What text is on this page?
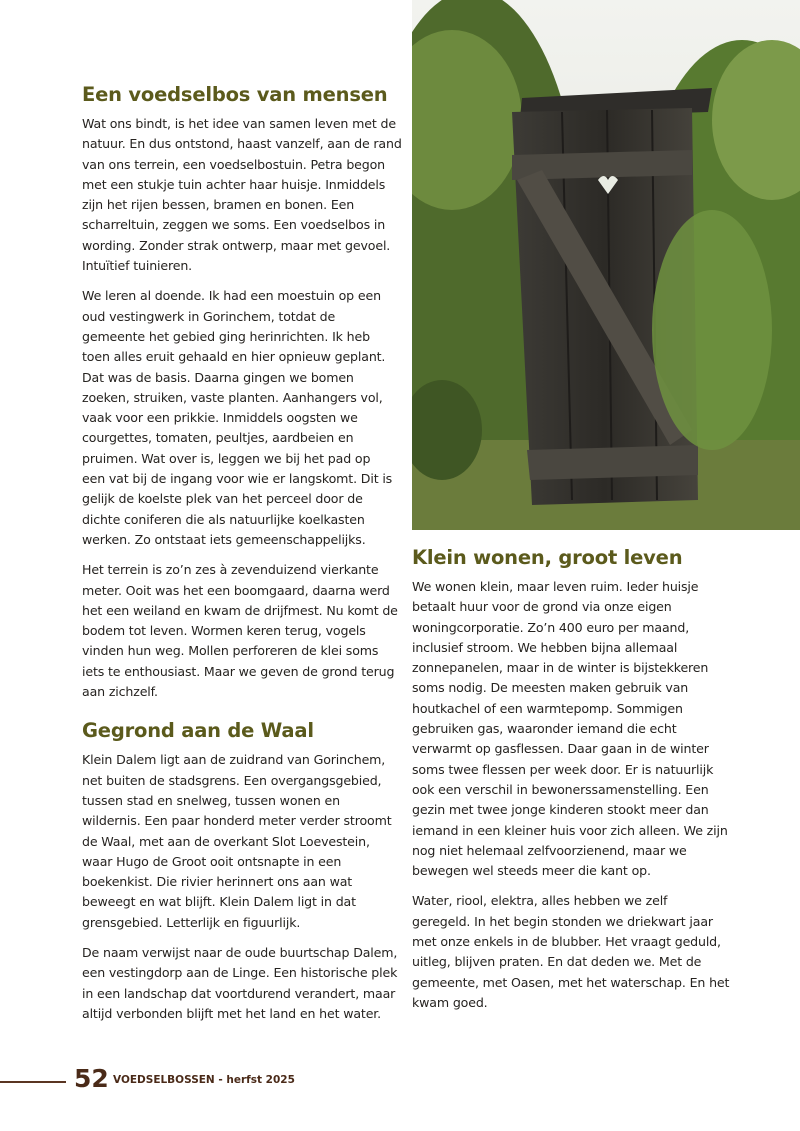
Een voedselbos van mensen

Wat ons bindt, is het idee van samen leven met de
natuur. En dus ontstond, haast vanzelf, aan de rand
van ons terrein, een voedselbostuin. Petra begon
met een stukje tuin achter haar huisje. Inmiddels
zijn het rijen bessen, bramen en bonen. Een
scharreltuin, zeggen we soms. Een voedselbos in
wording. Zonder strak ontwerp, maar met gevoel.
Intuïtief tuinieren.

We leren al doende. Ik had een moestuin op een
oud vestingwerk in Gorinchem, totdat de
gemeente het gebied ging herinrichten. Ik heb
toen alles eruit gehaald en hier opnieuw geplant.
Dat was de basis. Daarna gingen we bomen
zoeken, struiken, vaste planten. Aanhangers vol,
vaak voor een prikkie. Inmiddels oogsten we
courgettes, tomaten, peultjes, aardbeien en
pruimen. Wat over is, leggen we bij het pad op
een vat bij de ingang voor wie er langskomt. Dit is
gelijk de koelste plek van het perceel door de
dichte coniferen die als natuurlijke koelkasten
werken. Zo ontstaat iets gemeenschappelijks.

Het terrein is zo’n zes à zevenduizend vierkante
meter. Ooit was het een boomgaard, daarna werd
het een weiland en kwam de drijfmest. Nu komt de
bodem tot leven. Wormen keren terug, vogels
vinden hun weg. Mollen perforeren de klei soms
iets te enthousiast. Maar we geven de grond terug
aan zichzelf.

Gegrond aan de Waal

Klein Dalem ligt aan de zuidrand van Gorinchem,
net buiten de stadsgrens. Een overgangsgebied,
tussen stad en snelweg, tussen wonen en
wildernis. Een paar honderd meter verder stroomt
de Waal, met aan de overkant Slot Loevestein,
waar Hugo de Groot ooit ontsnapte in een
boekenkist. Die rivier herinnert ons aan wat
beweegt en wat blijft. Klein Dalem ligt in dat
grensgebied. Letterlijk en figuurlijk.

De naam verwijst naar de oude buurtschap Dalem,
een vestingdorp aan de Linge. Een historische plek
in een landschap dat voortdurend verandert, maar
altijd verbonden blijft met het land en het water.

Klein wonen, groot leven

We wonen klein, maar leven ruim. Ieder huisje
betaalt huur voor de grond via onze eigen
woningcorporatie. Zo’n 400 euro per maand,
inclusief stroom. We hebben bijna allemaal
zonnepanelen, maar in de winter is bijstekkeren
soms nodig. De meesten maken gebruik van
houtkachel of een warmtepomp. Sommigen
gebruiken gas, waaronder iemand die echt
verwarmt op gasflessen. Daar gaan in de winter
soms twee flessen per week door. Er is natuurlijk
ook een verschil in bewonerssamenstelling. Een
gezin met twee jonge kinderen stookt meer dan
iemand in een kleiner huis voor zich alleen. We zijn
nog niet helemaal zelfvoorzienend, maar we
bewegen wel steeds meer die kant op.

Water, riool, elektra, alles hebben we zelf
geregeld. In het begin stonden we driekwart jaar
met onze enkels in de blubber. Het vraagt geduld,
uitleg, blijven praten. En dat deden we. Met de
gemeente, met Oasen, met het waterschap. En het
kwam goed.

52 VOEDSELBOSSEN - herfst 2025
